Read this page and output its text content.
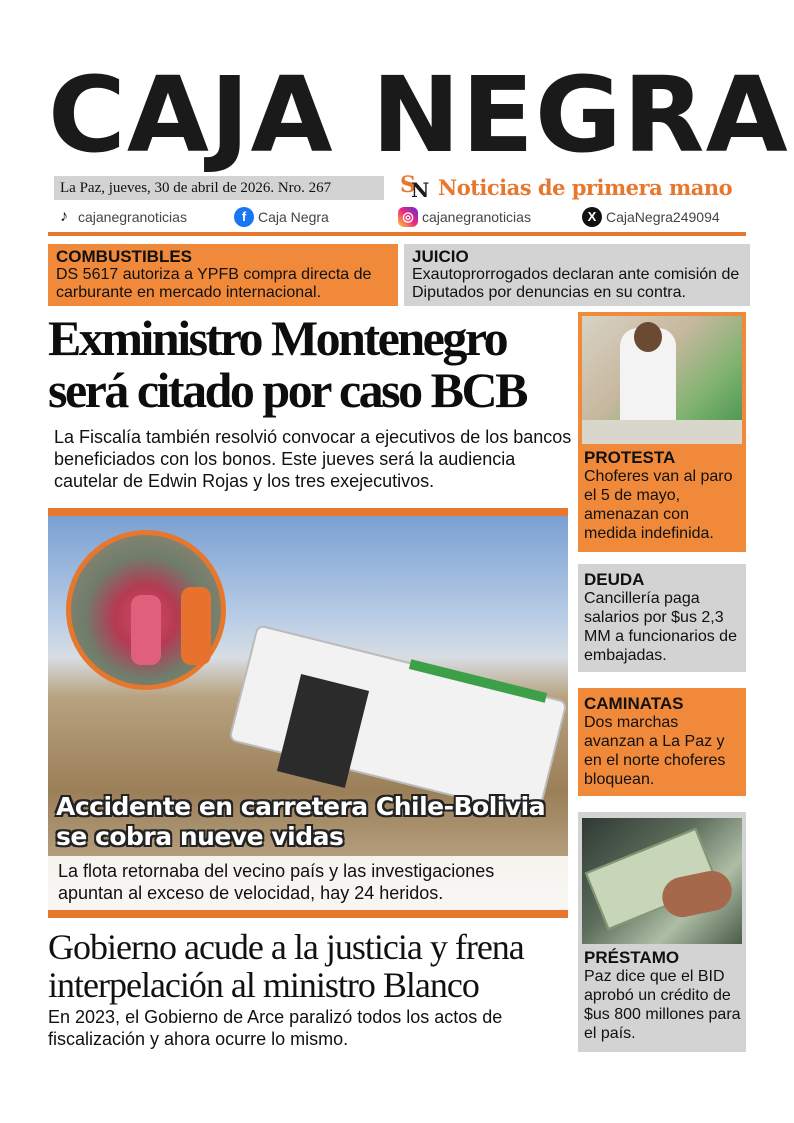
CAJA NEGRA
La Paz, jueves, 30 de abril de 2026. Nro. 267	S
N Noticias de primera mano
♪ cajanegranoticias	f Caja Negra	◎ cajanegranoticias	X CajaNegra249094
COMBUSTIBLES
DS 5617 autoriza a YPFB compra directa de carburante en mercado internacional.
JUICIO
Exautoprorrogados declaran ante comisión de Diputados por denuncias en su contra.
Exministro Montenegro será citado por caso BCB
La Fiscalía también resolvió convocar a ejecutivos de los bancos beneficiados con los bonos. Este jueves será la audiencia cautelar de Edwin Rojas y los tres exejecutivos.
Accidente en carretera Chile-Bolivia se cobra nueve vidas
La flota retornaba del vecino país y las investigaciones apuntan al exceso de velocidad, hay 24 heridos.
Gobierno acude a la justicia y frena interpelación al ministro Blanco
En 2023, el Gobierno de Arce paralizó todos los actos de fiscalización y ahora ocurre lo mismo.
PROTESTA
Choferes van al paro el 5 de mayo, amenazan con medida indefinida.
DEUDA
Cancillería paga salarios por $us 2,3 MM a funcionarios de embajadas.
CAMINATAS
Dos marchas avanzan a La Paz y en el norte choferes bloquean.
PRÉSTAMO
Paz dice que el BID aprobó un crédito de $us 800 millones para el país.
